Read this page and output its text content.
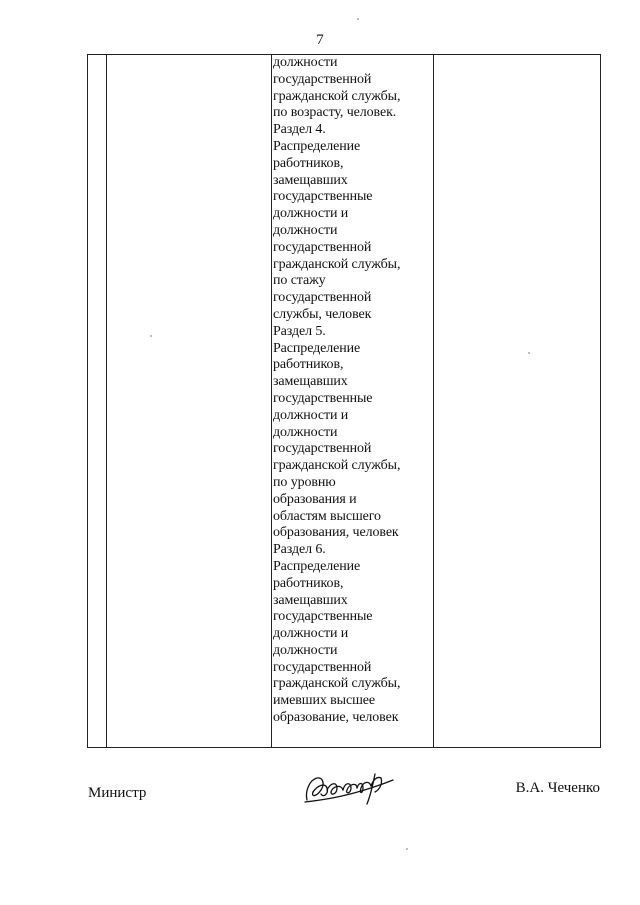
7
должности
государственной
гражданской службы,
по возрасту, человек.
Раздел 4.
Распределение
работников,
замещавших
государственные
должности и
должности
государственной
гражданской службы,
по стажу
государственной
службы, человек
Раздел 5.
Распределение
работников,
замещавших
государственные
должности и
должности
государственной
гражданской службы,
по уровню
образования и
областям высшего
образования, человек
Раздел 6.
Распределение
работников,
замещавших
государственные
должности и
должности
государственной
гражданской службы,
имевших высшее
образование, человек
Министр	В.А. Чеченко
